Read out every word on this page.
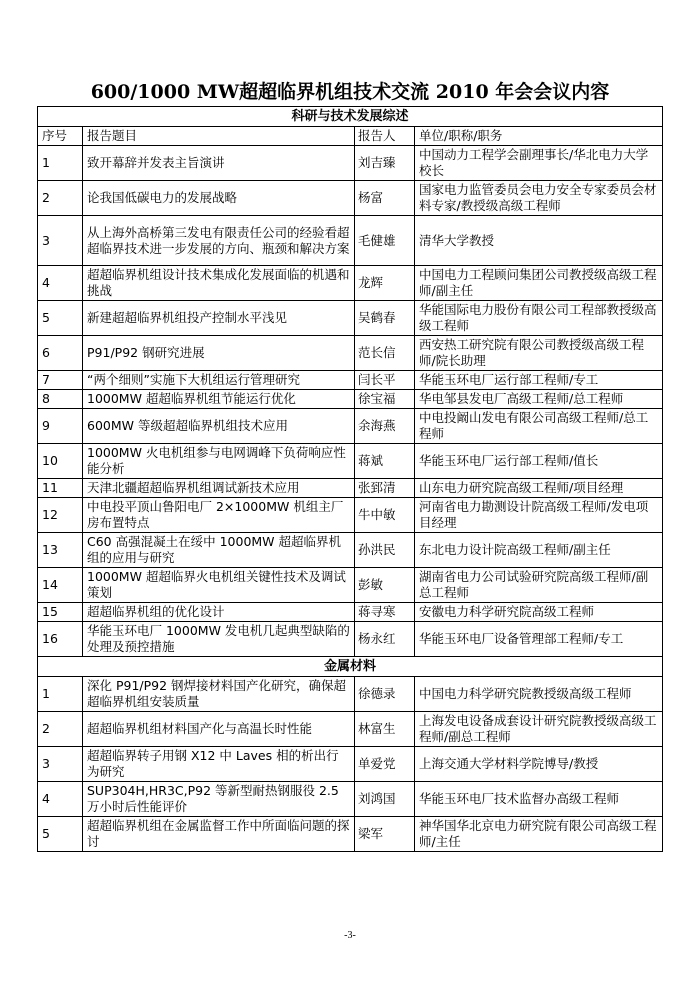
600/1000 MW超超临界机组技术交流 2010 年会会议内容
科研与技术发展综述			
序号	报告题目	报告人	单位/职称/职务
1	致开幕辞并发表主旨演讲	刘吉臻	中国动力工程学会副理事长/华北电力大学校长
2	论我国低碳电力的发展战略	杨富	国家电力监管委员会电力安全专家委员会材料专家/教授级高级工程师
3	从上海外高桥第三发电有限责任公司的经验看超超临界技术进一步发展的方向、瓶颈和解决方案	毛健雄	清华大学教授
4	超超临界机组设计技术集成化发展面临的机遇和挑战	龙辉	中国电力工程顾问集团公司教授级高级工程师/副主任
5	新建超超临界机组投产控制水平浅见	吴鹤春	华能国际电力股份有限公司工程部教授级高级工程师
6	P91/P92 钢研究进展	范长信	西安热工研究院有限公司教授级高级工程师/院长助理
7	“两个细则”实施下大机组运行管理研究	闫长平	华能玉环电厂运行部工程师/专工
8	1000MW 超超临界机组节能运行优化	徐宝福	华电邹县发电厂高级工程师/总工程师
9	600MW 等级超超临界机组技术应用	余海燕	中电投阚山发电有限公司高级工程师/总工程师
10	1000MW 火电机组参与电网调峰下负荷响应性能分析	蒋斌	华能玉环电厂运行部工程师/值长
11	天津北疆超超临界机组调试新技术应用	张郅清	山东电力研究院高级工程师/项目经理
12	中电投平顶山鲁阳电厂 2×1000MW 机组主厂房布置特点	牛中敏	河南省电力勘测设计院高级工程师/发电项目经理
13	C60 高强混凝土在绥中 1000MW 超超临界机组的应用与研究	孙洪民	东北电力设计院高级工程师/副主任
14	1000MW 超超临界火电机组关键性技术及调试策划	彭敏	湖南省电力公司试验研究院高级工程师/副总工程师
15	超超临界机组的优化设计	蒋寻寒	安徽电力科学研究院高级工程师
16	华能玉环电厂 1000MW 发电机几起典型缺陷的处理及预控措施	杨永红	华能玉环电厂设备管理部工程师/专工
金属材料			
1	深化 P91/P92 钢焊接材料国产化研究，确保超超临界机组安装质量	徐德录	中国电力科学研究院教授级高级工程师
2	超超临界机组材料国产化与高温长时性能	林富生	上海发电设备成套设计研究院教授级高级工程师/副总工程师
3	超超临界转子用钢 X12 中 Laves 相的析出行为研究	单爱党	上海交通大学材料学院博导/教授
4	SUP304H,HR3C,P92 等新型耐热钢服役 2.5 万小时后性能评价	刘鸿国	华能玉环电厂技术监督办高级工程师
5	超超临界机组在金属监督工作中所面临问题的探讨	梁军	神华国华北京电力研究院有限公司高级工程师/主任
-3-
